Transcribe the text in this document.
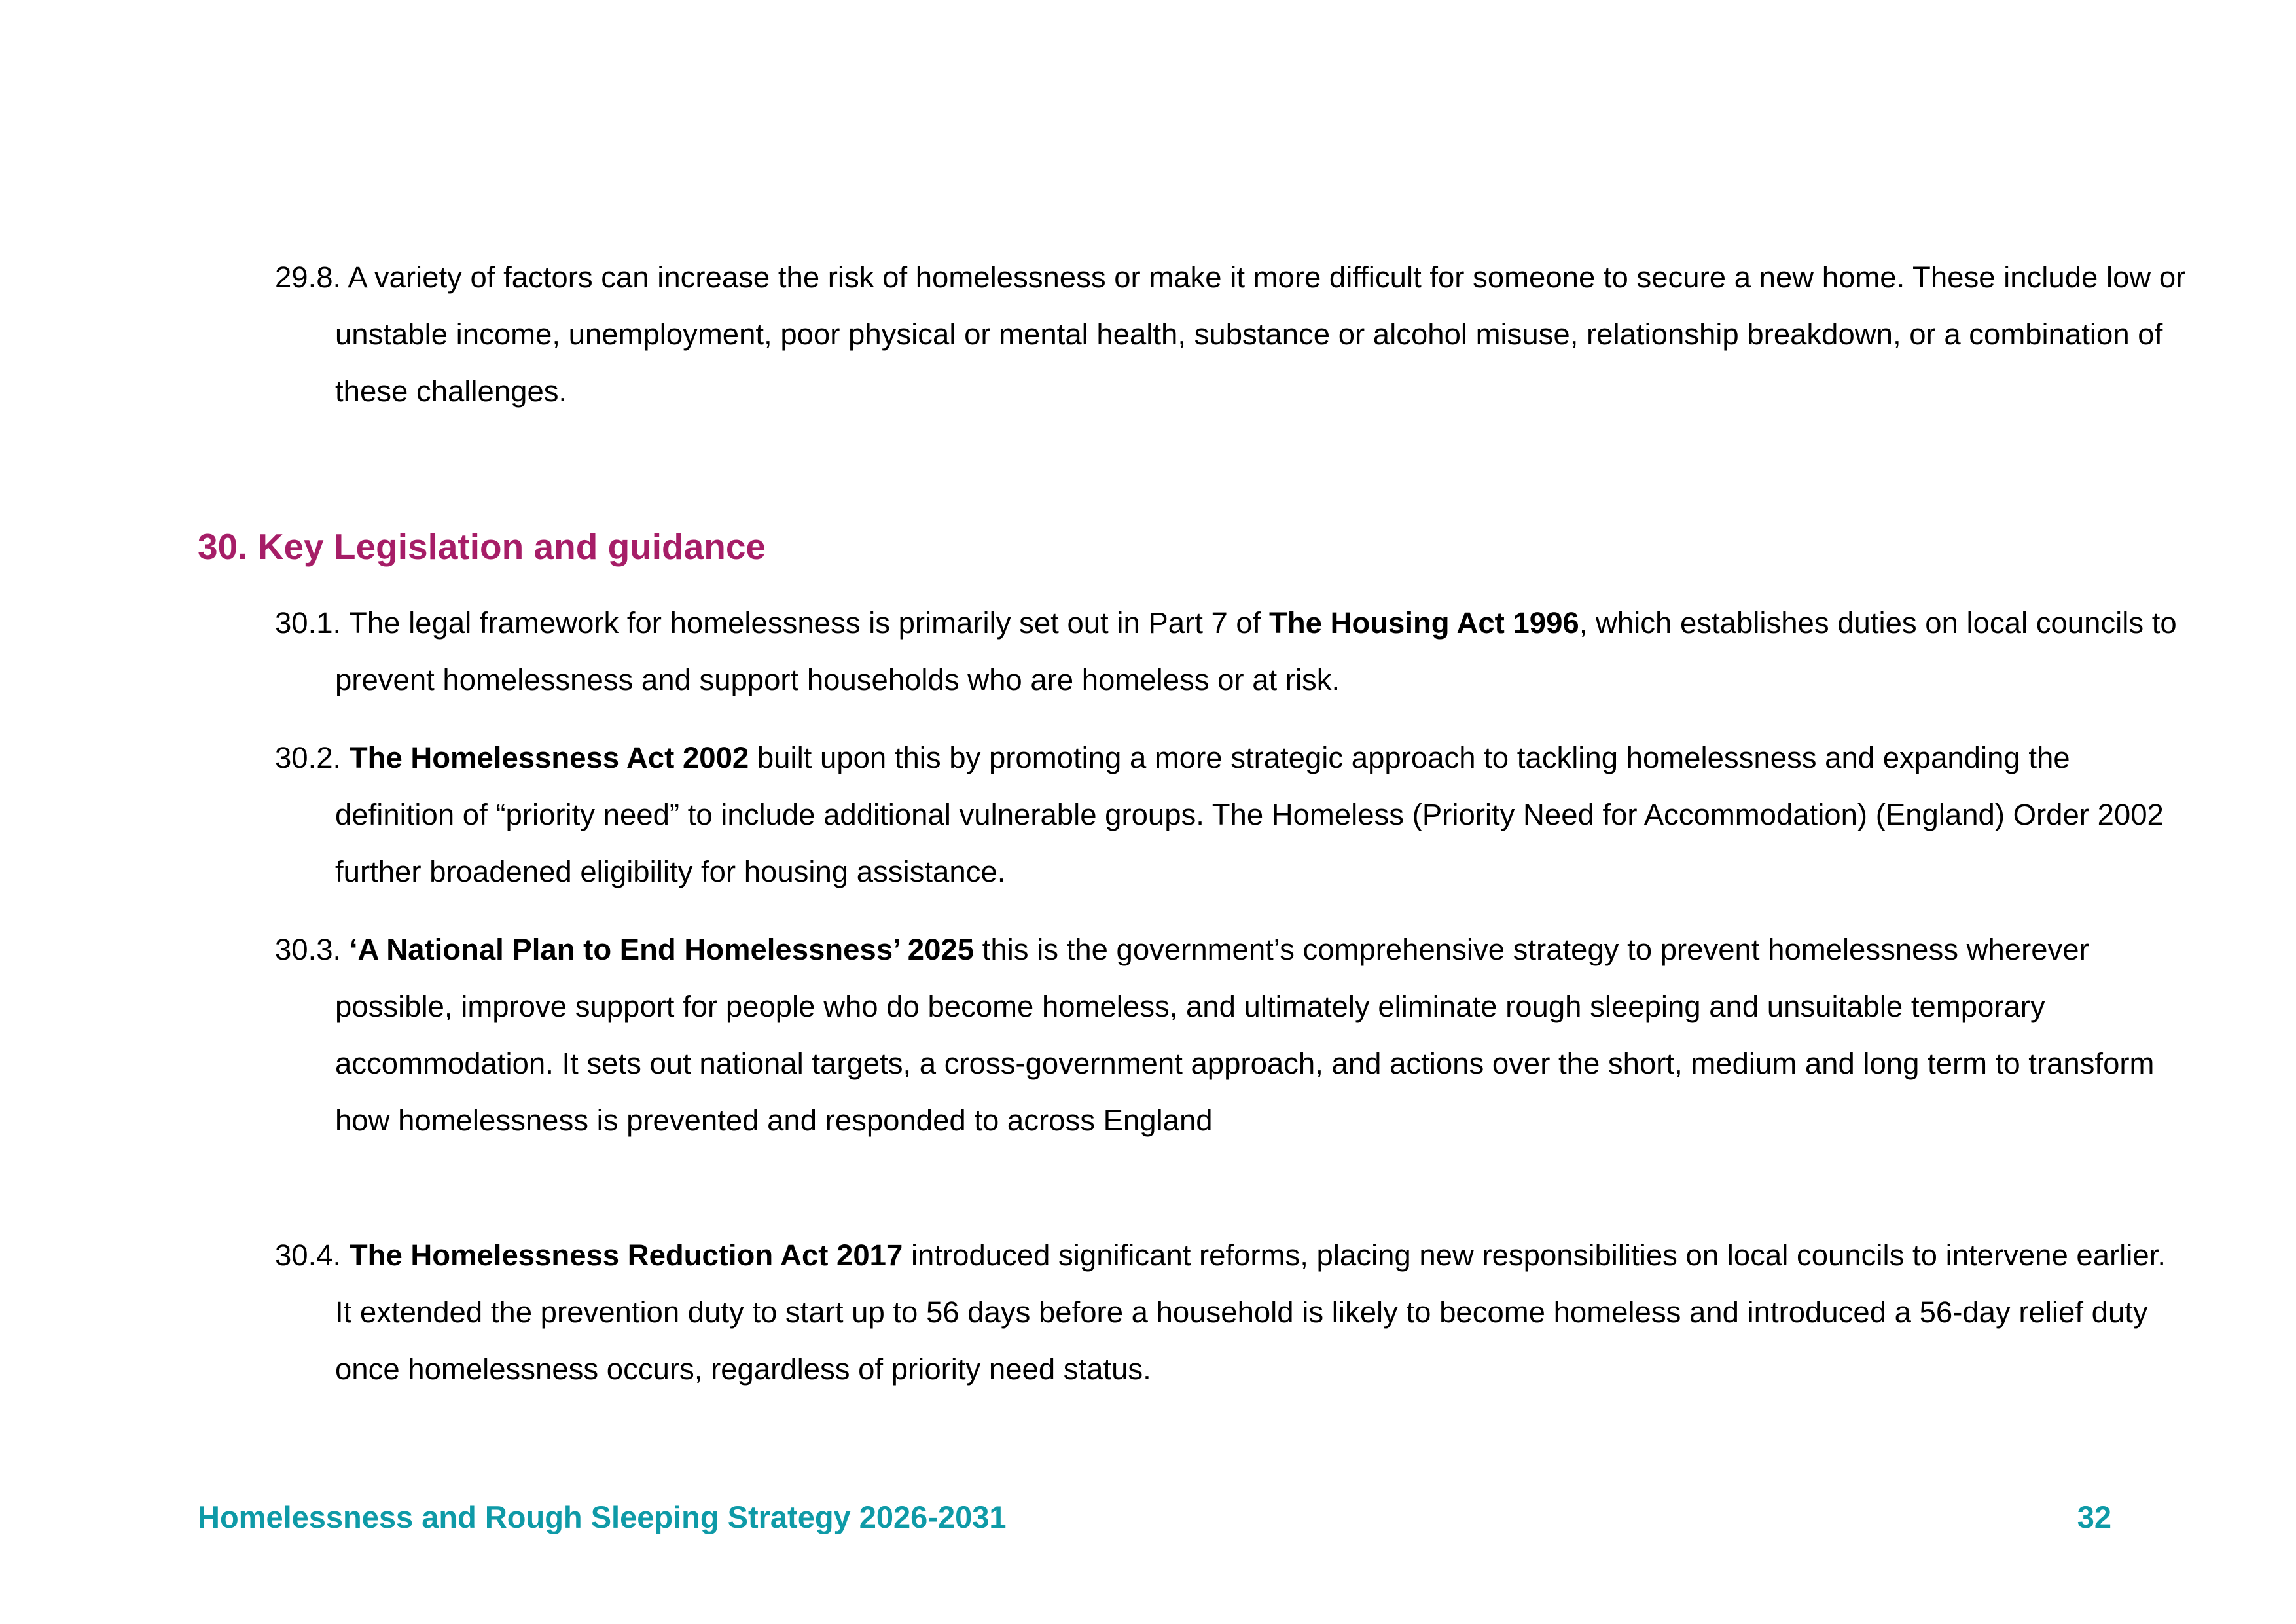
29.8. A variety of factors can increase the risk of homelessness or make it more difficult for someone to secure a new home. These include low or unstable income, unemployment, poor physical or mental health, substance or alcohol misuse, relationship breakdown, or a combination of these challenges.

30. Key Legislation and guidance

30.1. The legal framework for homelessness is primarily set out in Part 7 of The Housing Act 1996, which establishes duties on local councils to prevent homelessness and support households who are homeless or at risk.

30.2. The Homelessness Act 2002 built upon this by promoting a more strategic approach to tackling homelessness and expanding the definition of “priority need” to include additional vulnerable groups. The Homeless (Priority Need for Accommodation) (England) Order 2002 further broadened eligibility for housing assistance.

30.3. ‘A National Plan to End Homelessness’ 2025 this is the government’s comprehensive strategy to prevent homelessness wherever possible, improve support for people who do become homeless, and ultimately eliminate rough sleeping and unsuitable temporary accommodation. It sets out national targets, a cross-government approach, and actions over the short, medium and long term to transform how homelessness is prevented and responded to across England

30.4. The Homelessness Reduction Act 2017 introduced significant reforms, placing new responsibilities on local councils to intervene earlier. It extended the prevention duty to start up to 56 days before a household is likely to become homeless and introduced a 56-day relief duty once homelessness occurs, regardless of priority need status.

Homelessness and Rough Sleeping Strategy 2026-2031	32
